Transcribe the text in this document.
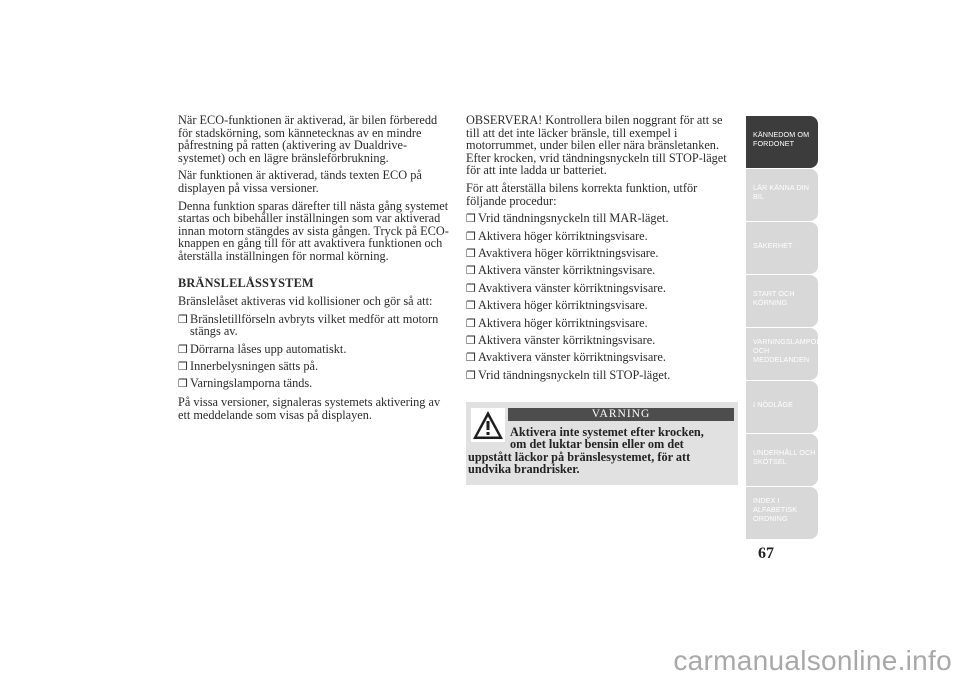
När ECO-funktionen är aktiverad, är bilen förberedd för stadskörning, som kännetecknas av en mindre påfrestning på ratten (aktivering av Dualdrive-systemet) och en lägre bränsleförbrukning.

När funktionen är aktiverad, tänds texten ECO på displayen på vissa versioner.

Denna funktion sparas därefter till nästa gång systemet startas och bibehåller inställningen som var aktiverad innan motorn stängdes av sista gången. Tryck på ECO-knappen en gång till för att avaktivera funktionen och återställa inställningen för normal körning.

BRÄNSLELÅSSYSTEM

Bränslelåset aktiveras vid kollisioner och gör så att:

❒ Bränsletillförseln avbryts vilket medför att motorn stängs av.
❒ Dörrarna låses upp automatiskt.
❒ Innerbelysningen sätts på.
❒ Varningslamporna tänds.

På vissa versioner, signaleras systemets aktivering av ett meddelande som visas på displayen.

OBSERVERA! Kontrollera bilen noggrant för att se till att det inte läcker bränsle, till exempel i motorrummet, under bilen eller nära bränsletanken. Efter krocken, vrid tändningsnyckeln till STOP-läget för att inte ladda ur batteriet.

För att återställa bilens korrekta funktion, utför följande procedur:

❒ Vrid tändningsnyckeln till MAR-läget.
❒ Aktivera höger körriktningsvisare.
❒ Avaktivera höger körriktningsvisare.
❒ Aktivera vänster körriktningsvisare.
❒ Avaktivera vänster körriktningsvisare.
❒ Aktivera höger körriktningsvisare.
❒ Aktivera höger körriktningsvisare.
❒ Aktivera vänster körriktningsvisare.
❒ Avaktivera vänster körriktningsvisare.
❒ Vrid tändningsnyckeln till STOP-läget.
VARNING
Aktivera inte systemet efter krocken,
om det luktar bensin eller om det
uppstått läckor på bränslesystemet, för att undvika brandrisker.
KÄNNEDOM OM FORDONET
LÄR KÄNNA DIN BIL
SÄKERHET
START OCH KÖRNING
VARNINGSLAMPOR OCH MEDDELANDEN
I NÖDLÄGE
UNDERHÅLL OCH SKÖTSEL
INDEX I ALFABETISK ORDNING
67
carmanualsonline.info
